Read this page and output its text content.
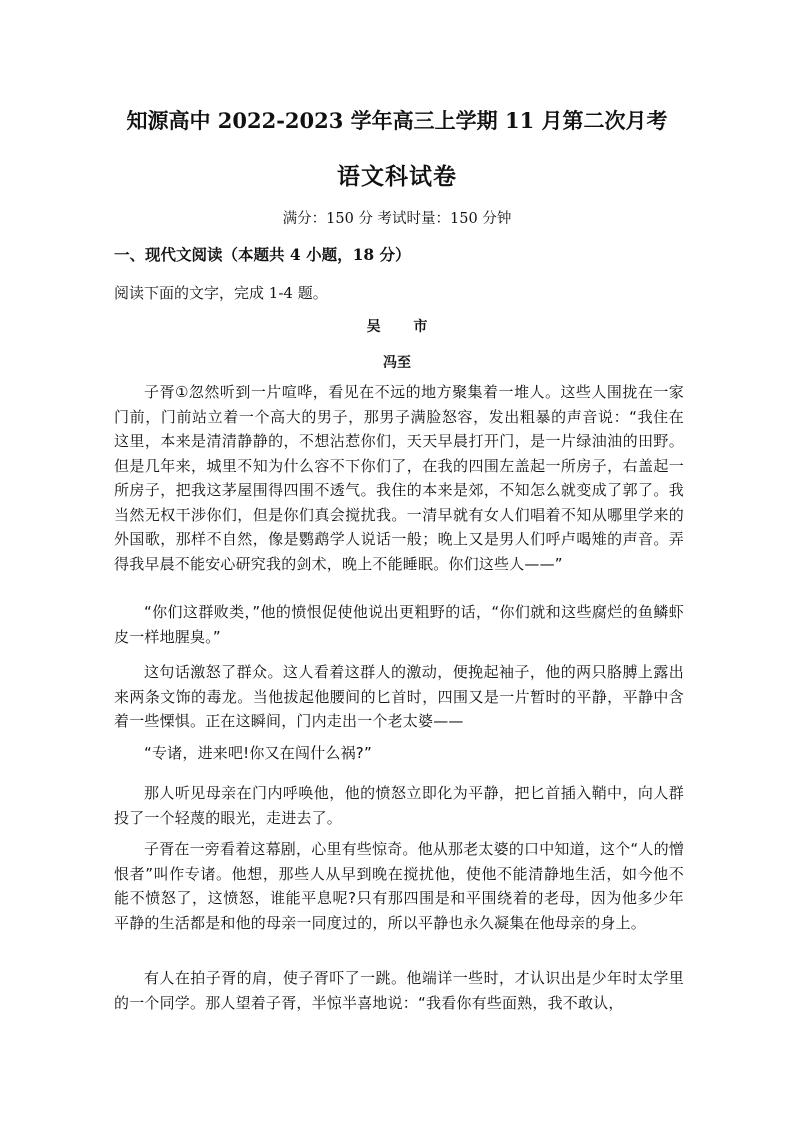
知源高中 2022-2023 学年高三上学期 11 月第二次月考
语文科试卷
满分：150 分 考试时量：150 分钟
一、现代文阅读（本题共 4 小题，18 分）
阅读下面的文字，完成 1-4 题。
吴 市
冯至
子胥①忽然听到一片喧哗，看见在不远的地方聚集着一堆人。这些人围拢在一家门前，门前站立着一个高大的男子，那男子满脸怒容，发出粗暴的声音说：“我住在这里，本来是清清静静的，不想沾惹你们，天天早晨打开门，是一片绿油油的田野。但是几年来，城里不知为什么容不下你们了，在我的四围左盖起一所房子，右盖起一所房子，把我这茅屋围得四围不透气。我住的本来是郊，不知怎么就变成了郭了。我当然无权干涉你们，但是你们真会搅扰我。一清早就有女人们唱着不知从哪里学来的外国歌，那样不自然，像是鹦鹉学人说话一般；晚上又是男人们呼卢喝雉的声音。弄得我早晨不能安心研究我的剑术，晚上不能睡眠。你们这些人——”
“你们这群败类，”他的愤恨促使他说出更粗野的话，“你们就和这些腐烂的鱼鳞虾皮一样地腥臭。”
这句话激怒了群众。这人看着这群人的激动，便挽起袖子，他的两只胳膊上露出来两条文饰的毒龙。当他拔起他腰间的匕首时，四围又是一片暂时的平静，平静中含着一些慄惧。正在这瞬间，门内走出一个老太婆——
“专诸，进来吧!你又在闯什么祸?”
那人听见母亲在门内呼唤他，他的愤怒立即化为平静，把匕首插入鞘中，向人群投了一个轻蔑的眼光，走进去了。
子胥在一旁看着这幕剧，心里有些惊奇。他从那老太婆的口中知道，这个“人的憎恨者”叫作专诸。他想，那些人从早到晚在搅扰他，使他不能清静地生活，如今他不能不愤怒了，这愤怒，谁能平息呢?只有那四围是和平围绕着的老母，因为他多少年平静的生活都是和他的母亲一同度过的，所以平静也永久凝集在他母亲的身上。
有人在拍子胥的肩，使子胥吓了一跳。他端详一些时，才认识出是少年时太学里的一个同学。那人望着子胥，半惊半喜地说：“我看你有些面熟，我不敢认，
